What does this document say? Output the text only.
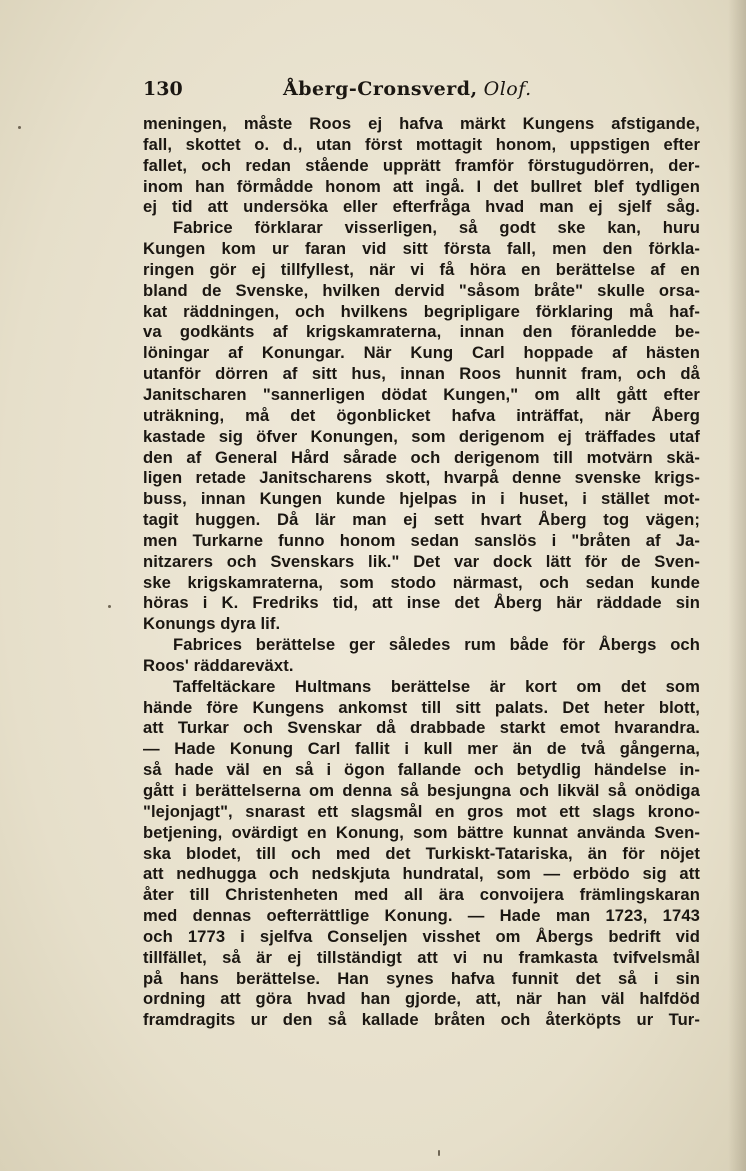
130	Åberg-Cronsverd, Olof.
meningen, måste Roos ej hafva märkt Kungens afstigande,
fall, skottet o. d., utan först mottagit honom, uppstigen efter
fallet, och redan stående upprätt framför förstugudörren, der-
inom han förmådde honom att ingå. I det bullret blef tydligen
ej tid att undersöka eller efterfråga hvad man ej sjelf såg.
Fabrice förklarar visserligen, så godt ske kan, huru
Kungen kom ur faran vid sitt första fall, men den förkla-
ringen gör ej tillfyllest, när vi få höra en berättelse af en
bland de Svenske, hvilken dervid "såsom bråte" skulle orsa-
kat räddningen, och hvilkens begripligare förklaring må haf-
va godkänts af krigskamraterna, innan den föranledde be-
löningar af Konungar. När Kung Carl hoppade af hästen
utanför dörren af sitt hus, innan Roos hunnit fram, och då
Janitscharen "sannerligen dödat Kungen," om allt gått efter
uträkning, må det ögonblicket hafva inträffat, när Åberg
kastade sig öfver Konungen, som derigenom ej träffades utaf
den af General Hård sårade och derigenom till motvärn skä-
ligen retade Janitscharens skott, hvarpå denne svenske krigs-
buss, innan Kungen kunde hjelpas in i huset, i stället mot-
tagit huggen. Då lär man ej sett hvart Åberg tog vägen;
men Turkarne funno honom sedan sanslös i "bråten af Ja-
nitzarers och Svenskars lik." Det var dock lätt för de Sven-
ske krigskamraterna, som stodo närmast, och sedan kunde
höras i K. Fredriks tid, att inse det Åberg här räddade sin
Konungs dyra lif.
Fabrices berättelse ger således rum både för Åbergs och
Roos' räddareväxt.
Taffeltäckare Hultmans berättelse är kort om det som
hände före Kungens ankomst till sitt palats. Det heter blott,
att Turkar och Svenskar då drabbade starkt emot hvarandra.
— Hade Konung Carl fallit i kull mer än de två gångerna,
så hade väl en så i ögon fallande och betydlig händelse in-
gått i berättelserna om denna så besjungna och likväl så onödiga
"lejonjagt", snarast ett slagsmål en gros mot ett slags krono-
betjening, ovärdigt en Konung, som bättre kunnat använda Sven-
ska blodet, till och med det Turkiskt-Tatariska, än för nöjet
att nedhugga och nedskjuta hundratal, som — erbödo sig att
åter till Christenheten med all ära convoijera främlingskaran
med dennas oefterrättlige Konung. — Hade man 1723, 1743
och 1773 i sjelfva Conseljen visshet om Åbergs bedrift vid
tillfället, så är ej tillständigt att vi nu framkasta tvifvelsmål
på hans berättelse. Han synes hafva funnit det så i sin
ordning att göra hvad han gjorde, att, när han väl halfdöd
framdragits ur den så kallade bråten och återköpts ur Tur-
